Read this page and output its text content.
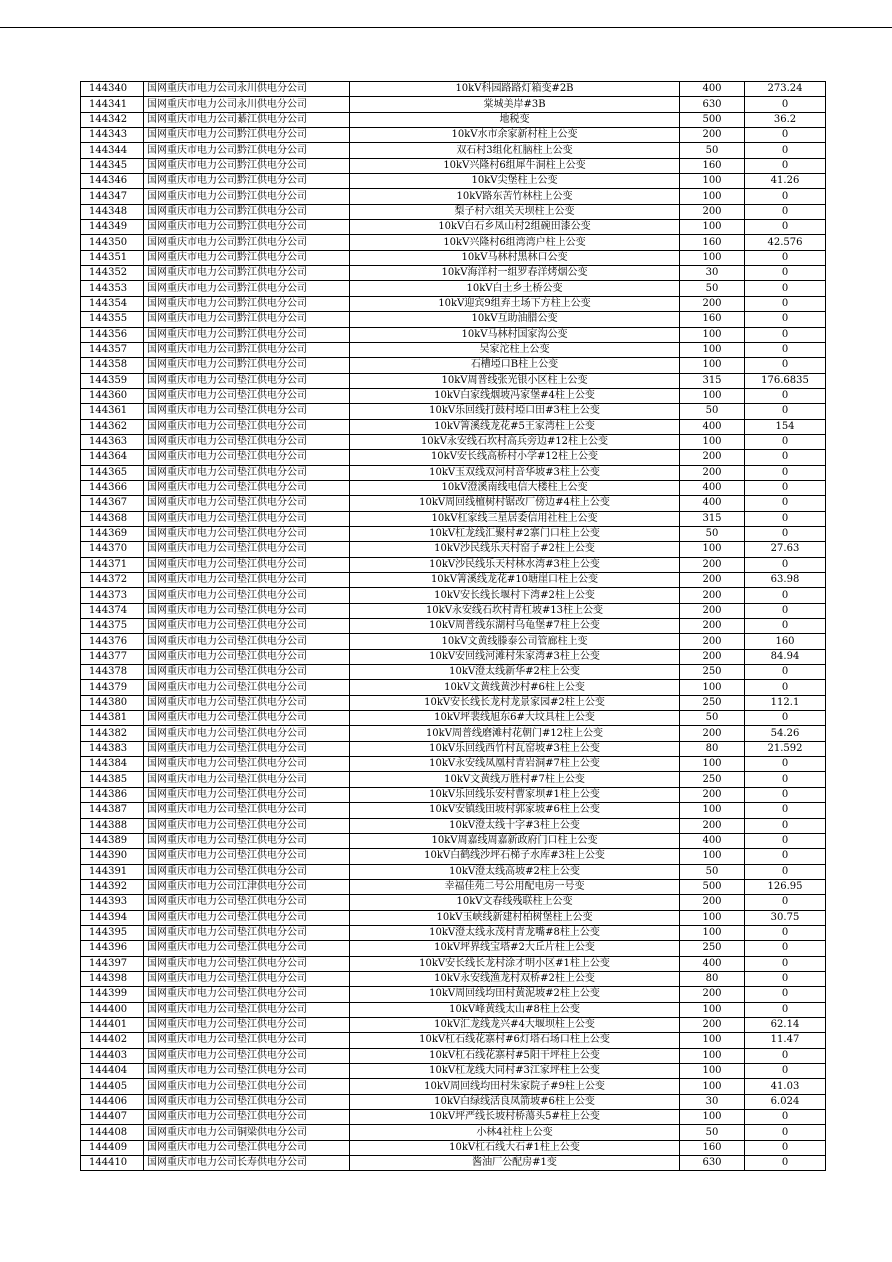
144340	国网重庆市电力公司永川供电分公司	10kV科园路路灯箱变#2B	400	273.24
144341	国网重庆市电力公司永川供电分公司	棠城美岸#3B	630	0
144342	国网重庆市电力公司綦江供电分公司	地税变	500	36.2
144343	国网重庆市电力公司黔江供电分公司	10kV水市余家新村柱上公变	200	0
144344	国网重庆市电力公司黔江供电分公司	双石村3组化杠脑柱上公变	50	0
144345	国网重庆市电力公司黔江供电分公司	10kV兴隆村6组犀牛洞柱上公变	160	0
144346	国网重庆市电力公司黔江供电分公司	10kV尖堡柱上公变	100	41.26
144347	国网重庆市电力公司黔江供电分公司	10kV路东苦竹林柱上公变	100	0
144348	国网重庆市电力公司黔江供电分公司	梨子村六组关天坝柱上公变	200	0
144349	国网重庆市电力公司黔江供电分公司	10kV白石乡凤山村2组碗田漆公变	100	0
144350	国网重庆市电力公司黔江供电分公司	10kV兴隆村6组湾湾户柱上公变	160	42.576
144351	国网重庆市电力公司黔江供电分公司	10kV马林村黑林口公变	100	0
144352	国网重庆市电力公司黔江供电分公司	10kV海洋村一组罗春洋烤烟公变	30	0
144353	国网重庆市电力公司黔江供电分公司	10kV白土乡土桥公变	50	0
144354	国网重庆市电力公司黔江供电分公司	10kV迎宾9组弃土场下方柱上公变	200	0
144355	国网重庆市电力公司黔江供电分公司	10kV互助油腊公变	160	0
144356	国网重庆市电力公司黔江供电分公司	10kV马林村国家沟公变	100	0
144357	国网重庆市电力公司黔江供电分公司	吴家沱柱上公变	100	0
144358	国网重庆市电力公司黔江供电分公司	石槽埡口B柱上公变	100	0
144359	国网重庆市电力公司垫江供电分公司	10kV周普线张光银小区柱上公变	315	176.6835
144360	国网重庆市电力公司垫江供电分公司	10kV白家线烟坡冯家堡#4柱上公变	100	0
144361	国网重庆市电力公司垫江供电分公司	10kV乐回线打鼓村埡口田#3柱上公变	50	0
144362	国网重庆市电力公司垫江供电分公司	10kV箐溪线龙花#5王家湾柱上公变	400	154
144363	国网重庆市电力公司垫江供电分公司	10kV永安线石坎村高兵旁边#12柱上公变	100	0
144364	国网重庆市电力公司垫江供电分公司	10kV安长线高桥村小学#12柱上公变	200	0
144365	国网重庆市电力公司垫江供电分公司	10kV玉双线双河村音华坡#3柱上公变	200	0
144366	国网重庆市电力公司垫江供电分公司	10kV澄溪南线电信大楼柱上公变	400	0
144367	国网重庆市电力公司垫江供电分公司	10kV周回线檀树村锯改厂傍边#4柱上公变	400	0
144368	国网重庆市电力公司垫江供电分公司	10kV杠家线三星居委信用社柱上公变	315	0
144369	国网重庆市电力公司垫江供电分公司	10kV杠龙线汇聚村#2寨门口柱上公变	50	0
144370	国网重庆市电力公司垫江供电分公司	10kV沙民线乐天村窑子#2柱上公变	100	27.63
144371	国网重庆市电力公司垫江供电分公司	10kV沙民线乐天村林水湾#3柱上公变	200	0
144372	国网重庆市电力公司垫江供电分公司	10kV箐溪线龙花#10塘崖口柱上公变	200	63.98
144373	国网重庆市电力公司垫江供电分公司	10kV安长线长堰村下湾#2柱上公变	200	0
144374	国网重庆市电力公司垫江供电分公司	10kV永安线石坎村青杠坡#13柱上公变	200	0
144375	国网重庆市电力公司垫江供电分公司	10kV周普线东湖村乌龟堡#7柱上公变	200	0
144376	国网重庆市电力公司垫江供电分公司	10kV文黄线滕泰公司管廊柱上变	200	160
144377	国网重庆市电力公司垫江供电分公司	10kV安回线河滩村朱家湾#3柱上公变	200	84.94
144378	国网重庆市电力公司垫江供电分公司	10kV澄太线新华#2柱上公变	250	0
144379	国网重庆市电力公司垫江供电分公司	10kV文黄线黄沙村#6柱上公变	100	0
144380	国网重庆市电力公司垫江供电分公司	10kV安长线长龙村龙景家园#2柱上公变	250	112.1
144381	国网重庆市电力公司垫江供电分公司	10kV坪裴线旭东6#大坟具柱上公变	50	0
144382	国网重庆市电力公司垫江供电分公司	10kV周普线磨滩村花朝门#12柱上公变	200	54.26
144383	国网重庆市电力公司垫江供电分公司	10kV乐回线西竹村瓦窑坡#3柱上公变	80	21.592
144384	国网重庆市电力公司垫江供电分公司	10kV永安线凤凰村青岩洞#7柱上公变	100	0
144385	国网重庆市电力公司垫江供电分公司	10kV文黄线万胜村#7柱上公变	250	0
144386	国网重庆市电力公司垫江供电分公司	10kV乐回线乐安村曹家坝#1柱上公变	200	0
144387	国网重庆市电力公司垫江供电分公司	10kV安镇线田坡村郭家坡#6柱上公变	100	0
144388	国网重庆市电力公司垫江供电分公司	10kV澄太线十字#3柱上公变	200	0
144389	国网重庆市电力公司垫江供电分公司	10kV周嘉线周嘉新政府门口柱上公变	400	0
144390	国网重庆市电力公司垫江供电分公司	10kV白鹤线沙坪石梯子水库#3柱上公变	100	0
144391	国网重庆市电力公司垫江供电分公司	10kV澄太线高坡#2柱上公变	50	0
144392	国网重庆市电力公司江津供电分公司	幸福佳苑二号公用配电房一号变	500	126.95
144393	国网重庆市电力公司垫江供电分公司	10kV文春线残联柱上公变	200	0
144394	国网重庆市电力公司垫江供电分公司	10kV玉峡线新建村柏树堡柱上公变	100	30.75
144395	国网重庆市电力公司垫江供电分公司	10kV澄太线永茂村青龙嘴#8柱上公变	100	0
144396	国网重庆市电力公司垫江供电分公司	10kV坪界线宝塔#2大丘片柱上公变	250	0
144397	国网重庆市电力公司垫江供电分公司	10kV安长线长龙村涂才明小区#1柱上公变	400	0
144398	国网重庆市电力公司垫江供电分公司	10kV永安线渔龙村双桥#2柱上公变	80	0
144399	国网重庆市电力公司垫江供电分公司	10kV周回线均田村黄泥坡#2柱上公变	200	0
144400	国网重庆市电力公司垫江供电分公司	10kV峰黄线太山#8柱上公变	100	0
144401	国网重庆市电力公司垫江供电分公司	10kV汇龙线龙兴#4大堰坝柱上公变	200	62.14
144402	国网重庆市电力公司垫江供电分公司	10kV杠石线花寨村#6灯塔石场口柱上公变	100	11.47
144403	国网重庆市电力公司垫江供电分公司	10kV杠石线花寨村#5阳干坪柱上公变	100	0
144404	国网重庆市电力公司垫江供电分公司	10kV杠龙线大同村#3江家坪柱上公变	100	0
144405	国网重庆市电力公司垫江供电分公司	10kV周回线均田村朱家院子#9柱上公变	100	41.03
144406	国网重庆市电力公司垫江供电分公司	10kV白绿线活良凤箭坡#6柱上公变	30	6.024
144407	国网重庆市电力公司垫江供电分公司	10kV坪严线长坡村桥蕩头5#柱上公变	100	0
144408	国网重庆市电力公司铜梁供电分公司	小林4社柱上公变	50	0
144409	国网重庆市电力公司垫江供电分公司	10kV杠石线大石#1柱上公变	160	0
144410	国网重庆市电力公司长寿供电分公司	酱油厂公配房#1变	630	0
